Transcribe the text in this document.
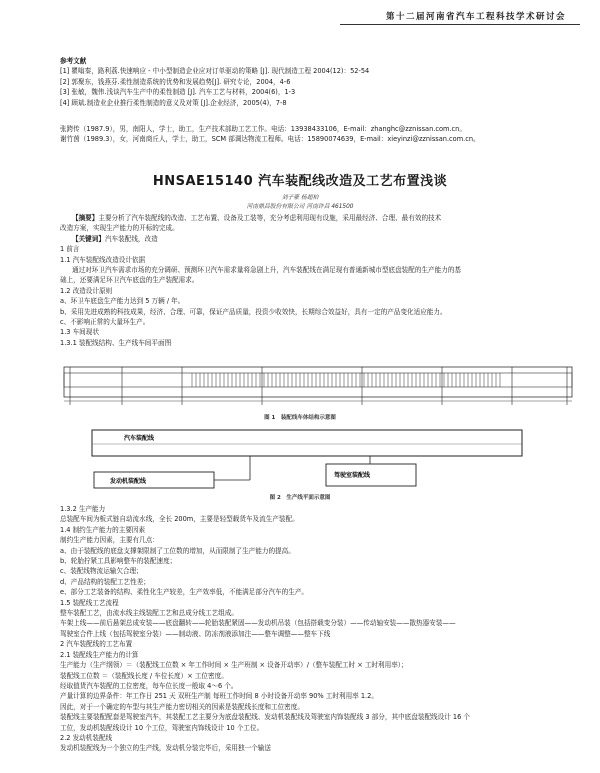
第十二届河南省汽车工程科技学术研讨会
参考文献
[1] 瞿嗡秦，路利荔.快速响应 - 中小型制造企业应对订单驱动的策略 [J]. 现代制造工程 2004(12)：52-54
[2] 郭聚东，钱燕芬.柔性制造系统的优势和发展趋势[J]. 研究专论，2004，4-6
[3] 张敏，魏伟.浅谈汽车生产中的柔性制造 [J]. 汽车工艺与材料，2004(6)，1-3
[4] 顾斌.制造业企业推行柔性制造的意义及对策 [J].企业经济，2005(4)，7-8
张跨传（1987.9），男，南阳人，学士，助工，生产技术部助工艺工作。电话：13938433106，E-mail：zhanghc@zznissan.com.cn。
谢竹茵（1989.3），女，河南商丘人，学士，助工，SCM 部调达物流工程师。电话：15890074639，E-mail：xieyinzi@zznissan.com.cn。
HNSAE15140 汽车装配线改造及工艺布置浅谈
刘子豪 杨超柏
河南鼎昌股份有限公司 河南许昌 461500
【摘要】主要分析了汽车装配线的改造、工艺布置、设备及工装等，充分考虑利用现有设施，采用最经济、合理、最有效的技术
改造方案，实现生产能力的开标的完成。
【关键词】汽车装配线，改造
1 前言
1.1 汽车装配线改造设计依据
通过对环卫汽车需求市场的充分调研、预测环卫汽车需求量将急剧上升，汽车装配线在满足现有普通新城市型底盘装配的生产能力的基
础上，还要满足环卫汽车底盘的生产装配需求。
1.2 改造设计原则
a、环卫车底盘生产能力达到 5 万辆 / 年。
b、采用先进成熟的科技成果，经济、合理、可靠，保证产品质量，投资少收效快，长期综合效益好，具有一定的产品变化适应能力。
c、不影响正常的大量环生产。
1.3 车间现状
1.3.1 装配线结构、生产线车间平面图
图 1　装配线车体结构示意图
汽车装配线
发动机装配线
驾驶室装配线
图 2　生产线平面示意图
1.3.2 生产能力
总装配车间为板式链自动流水线，全长 200m，主要是轻型载货车及流生产装配。
1.4 制约生产能力的主要因素
制约生产能力因素，主要有几点：
a、由于装配线的底盘支撑架限制了工位数的增加，从而限制了生产能力的提高。
b、轮胎拧紧工具影响整车的装配速度；
c、装配线物流运输欠合理；
d、产品结构的装配工艺性差；
e、部分工艺装备的结构、柔性化生产较差，生产效率低，不能满足部分汽车的生产。
1.5 装配线工艺流程
整车装配工艺，由流水线主线装配工艺和总成分线工艺组成。
车架上线——前后悬架总成安装——底盘翻转——轮胎装配紧固——发动机吊装（包括搭载变分装）——传动轴安装——散热器安装——
驾驶室合件上线（包括驾驶室分装）——制动液、防冻剂液添加注——整车调整——整车下线
2 汽车装配线的工艺布置
2.1 装配线生产能力的计算
生产能力（生产纲领）＝（装配线工位数 × 年工作时间 × 生产班制 × 设备开动率）/（整车装配工时 × 工时利用率）；
装配线工位数 ＝（装配线长度 / 车位长度）× 工位密度。
经取值货汽车装配的工位密度，每车位长度一般取 4～6 个。
产量计算的边界条件：年工作日 251 天 双班生产制 每班工作时间 8 小时设备开动率 90% 工时利用率 1.2。
因此，对于一个确定的车型与其生产能力密切相关的因素是装配线长度和工位密度。
装配线主要装配配套是驾驶室汽车，其装配工艺主要分为底盘装配线、发动机装配线及驾驶室内饰装配线 3 部分，其中底盘装配线设计 16 个
工位，发动机装配线设计 10 个工位，驾驶室内饰线设计 10 个工位。
2.2 发动机装配线
发动机装配线为一个独立的生产线，发动机分装完毕后，采用独一个输送
